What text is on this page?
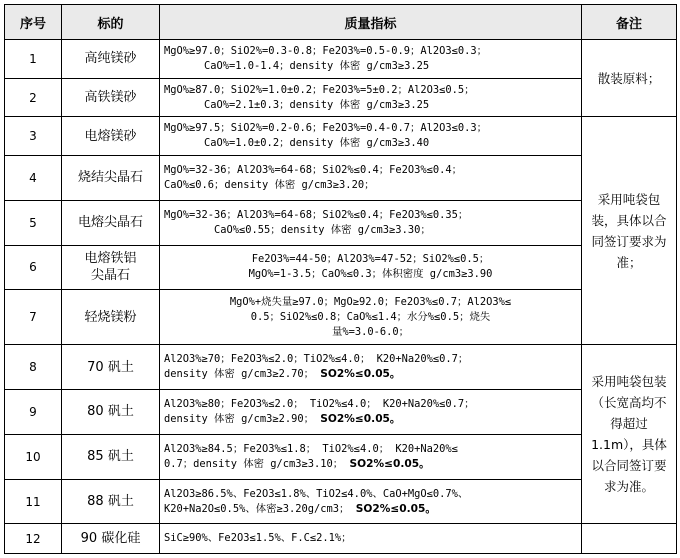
序号	标的	质量指标	备注
1	高纯镁砂	MgO%≥97.0；SiO2%=0.3-0.8；Fe2O3%=0.5-0.9；Al2O3≤0.3；
CaO%=1.0-1.4；density 体密 g/cm3≥3.25	散装原料；
2	高铁镁砂	MgO%≥87.0；SiO2%=1.0±0.2；Fe2O3%=5±0.2；Al2O3≤0.5；
CaO%=2.1±0.3；density 体密 g/cm3≥3.25	

3	电熔镁砂	MgO%≥97.5；SiO2%=0.2-0.6；Fe2O3%=0.4-0.7；Al2O3≤0.3；
CaO%=1.0±0.2；density 体密 g/cm3≥3.40	采用吨袋包装，具体以合同签订要求为准；
4	烧结尖晶石	MgO%=32-36；Al2O3%=64-68；SiO2%≤0.4；Fe2O3%≤0.4；
CaO%≤0.6；density 体密 g/cm3≥3.20；	

5	电熔尖晶石	MgO%=32-36；Al2O3%=64-68；SiO2%≤0.4；Fe2O3%≤0.35；
CaO%≤0.55；density 体密 g/cm3≥3.30；	

6	电熔铁铝
尖晶石	Fe2O3%=44-50；Al2O3%=47-52；SiO2%≤0.5；
MgO%=1-3.5；CaO%≤0.3；体积密度 g/cm3≥3.90	

7	轻烧镁粉	MgO%+烧失量≥97.0；MgO≥92.0；Fe2O3%≤0.7；Al2O3%≤
0.5；SiO2%≤0.8；CaO%≤1.4；水分%≤0.5；烧失
量%=3.0-6.0；	

8	70 矾土	Al2O3%≥70；Fe2O3%≤2.0；TiO2%≤4.0； K20+Na20%≤0.7；
density 体密 g/cm3≥2.70； SO2%≤0.05。	采用吨袋包装（长宽高均不得超过 1.1m），具体以合同签订要求为准。
9	80 矾土	Al2O3%≥80；Fe2O3%≤2.0； TiO2%≤4.0； K20+Na20%≤0.7；
density 体密 g/cm3≥2.90； SO2%≤0.05。	

10	85 矾土	Al2O3%≥84.5；Fe2O3%≤1.8； TiO2%≤4.0； K20+Na20%≤
0.7；density 体密 g/cm3≥3.10； SO2%≤0.05。	

11	88 矾土	Al2O3≥86.5%、Fe2O3≤1.8%、TiO2≤4.0%、CaO+MgO≤0.7%、
K20+Na2O≤0.5%、体密≥3.20g/cm3； SO2%≤0.05。	

12	90 碳化硅	SiC≥90%、Fe2O3≤1.5%、F.C≤2.1%；	
